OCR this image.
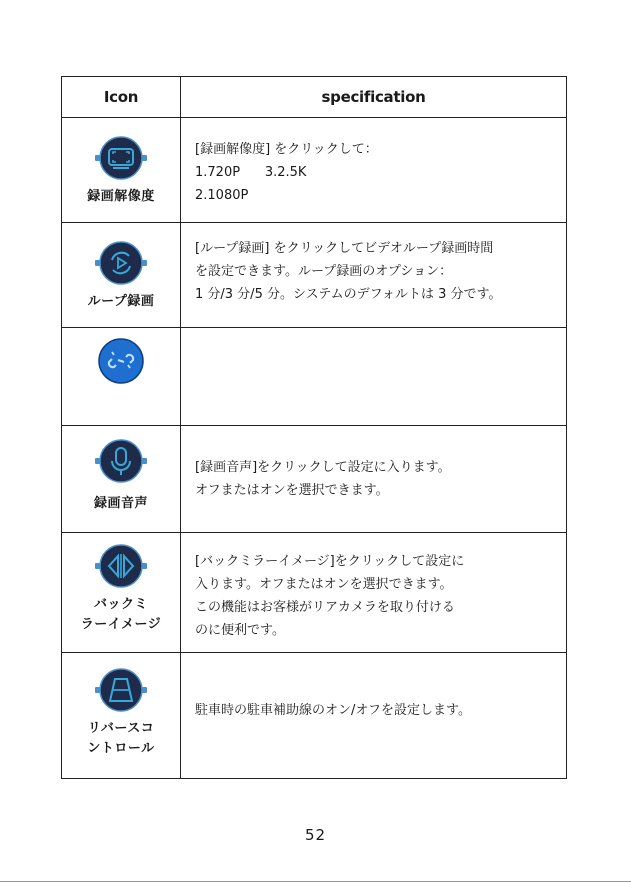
Icon	specification

録画解像度	[録画解像度] をクリックして：
1.720P      3.2.5K
2.1080P

ループ録画	[ループ録画] をクリックしてビデオループ録画時間
を設定できます。ループ録画のオプション：
1 分/3 分/5 分。システムのデフォルトは 3 分です。

録画音声	[録画音声]をクリックして設定に入ります。
オフまたはオンを選択できます。

バックミ
ラーイメージ	[バックミラーイメージ]をクリックして設定に
入ります。オフまたはオンを選択できます。
この機能はお客様がリアカメラを取り付ける
のに便利です。

リバースコ
ントロール	駐車時の駐車補助線のオン/オフを設定します。
52
